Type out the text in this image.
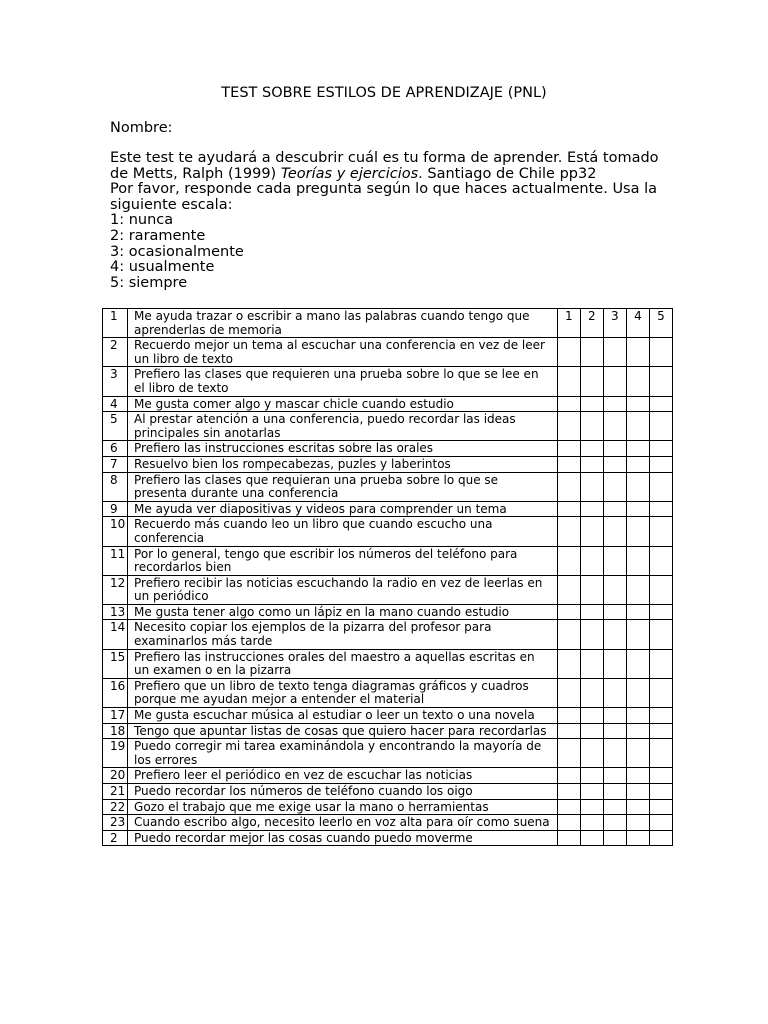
TEST SOBRE ESTILOS DE APRENDIZAJE (PNL)
Nombre:
Este test te ayudará a descubrir cuál es tu forma de aprender. Está tomado de Metts, Ralph (1999) Teorías y ejercicios. Santiago de Chile pp32
Por favor, responde cada pregunta según lo que haces actualmente. Usa la siguiente escala:
1: nunca
2: raramente
3: ocasionalmente
4: usualmente
5: siempre
1	Me ayuda trazar o escribir a mano las palabras cuando tengo que aprenderlas de memoria	1	2	3	4	5
2	Recuerdo mejor un tema al escuchar una conferencia en vez de leer un libro de texto					
3	Prefiero las clases que requieren una prueba sobre lo que se lee en el libro de texto					
4	Me gusta comer algo y mascar chicle cuando estudio					
5	Al prestar atención a una conferencia, puedo recordar las ideas principales sin anotarlas					
6	Prefiero las instrucciones escritas sobre las orales					
7	Resuelvo bien los rompecabezas, puzles y laberintos					
8	Prefiero las clases que requieran una prueba sobre lo que se presenta durante una conferencia					
9	Me ayuda ver diapositivas y videos para comprender un tema					
10	Recuerdo más cuando leo un libro que cuando escucho una conferencia					
11	Por lo general, tengo que escribir los números del teléfono para recordarlos bien					
12	Prefiero recibir las noticias escuchando la radio en vez de leerlas en un periódico					
13	Me gusta tener algo como un lápiz en la mano cuando estudio					
14	Necesito copiar los ejemplos de la pizarra del profesor para examinarlos más tarde					
15	Prefiero las instrucciones orales del maestro a aquellas escritas en un examen o en la pizarra					
16	Prefiero que un libro de texto tenga diagramas gráficos y cuadros porque me ayudan mejor a entender el material					
17	Me gusta escuchar música al estudiar o leer un texto o una novela					
18	Tengo que apuntar listas de cosas que quiero hacer para recordarlas					
19	Puedo corregir mi tarea examinándola y encontrando la mayoría de los errores					
20	Prefiero leer el periódico en vez de escuchar las noticias					
21	Puedo recordar los números de teléfono cuando los oigo					
22	Gozo el trabajo que me exige usar la mano o herramientas					
23	Cuando escribo algo, necesito leerlo en voz alta para oír como suena					
2	Puedo recordar mejor las cosas cuando puedo moverme					
